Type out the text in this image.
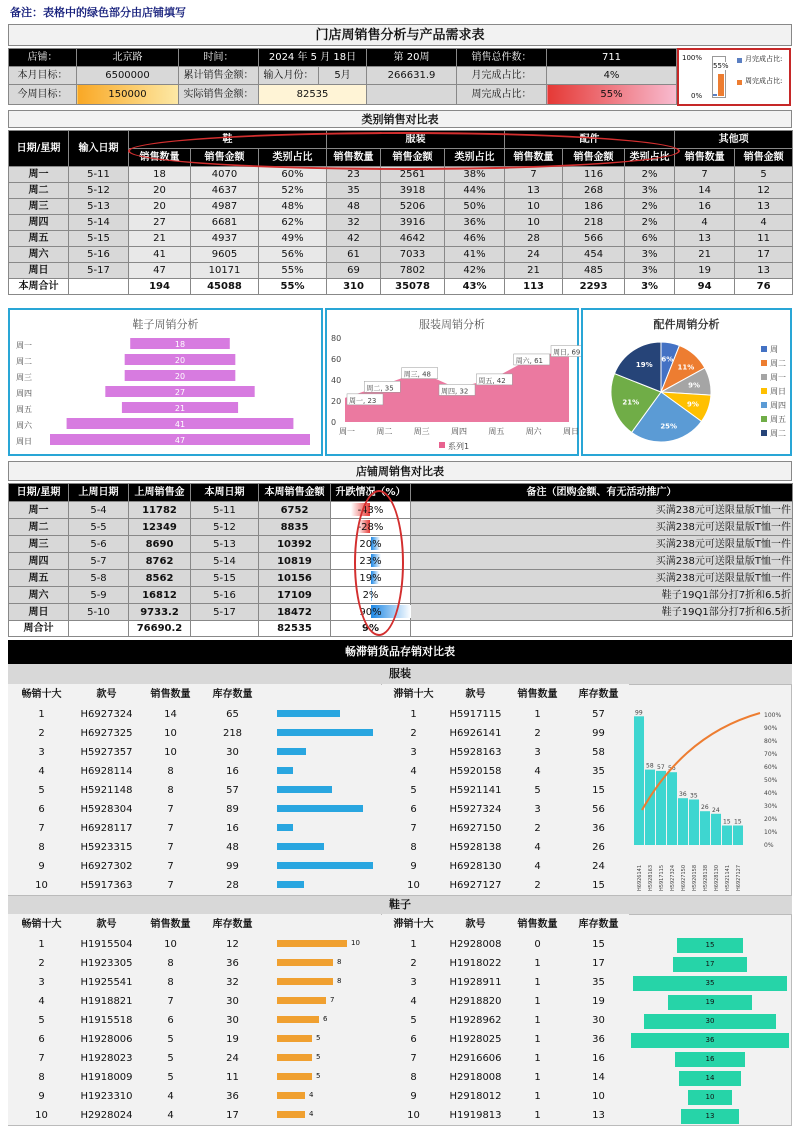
备注：表格中的绿色部分由店铺填写
门店周销售分析与产品需求表
店铺：	北京路	时间：	2024 年 5 月 18日		第 20周	销售总件数：	711
本月目标：	6500000	累计销售金额：	输入月份：	5月	266631.9	月完成占比：	4%
今周目标：	150000	实际销售金额：	82535			周完成占比：	55%
100%
0%
55%
月完成占比:
周完成占比:
类别销售对比表
日期/星期	输入日期	鞋			服装			配件			其他项	
		销售数量	销售金额	类别占比	销售数量	销售金额	类别占比	销售数量	销售金额	类别占比	销售数量	销售金额
周一	5-11	18	4070	60%	23	2561	38%	7	116	2%	7	5
周二	5-12	20	4637	52%	35	3918	44%	13	268	3%	14	12
周三	5-13	20	4987	48%	48	5206	50%	10	186	2%	16	13
周四	5-14	27	6681	62%	32	3916	36%	10	218	2%	4	4
周五	5-15	21	4937	49%	42	4642	46%	28	566	6%	13	11
周六	5-16	41	9605	56%	61	7033	41%	24	454	3%	21	17
周日	5-17	47	10171	55%	69	7802	42%	21	485	3%	19	13
本周合计		194	45088	55%	310	35078	43%	113	2293	3%	94	76
鞋子周销分析
周一	18
周二	20
周三	20
周四	27
周五	21
周六	41
周日	47
服装周销分析
0
20
40
60
80
周一, 23
周一
周二, 35
周二
周三, 48
周三
周四, 32
周四
周五, 42
周五
周六, 61
周六
周日, 69
周日
系列1
配件周销分析
6%
11%
9%
9%
25%
21%
19%
周
周二
周一
周日
周四
周五
周二
店铺周销售对比表
日期/星期	上周日期	上周销售金	本周日期	本周销售金额	升跌情况（%）	备注（团购金额、有无活动推广）
周一	5-4	11782	5-11	6752	-43%	买满238元可送限量版T恤一件
周二	5-5	12349	5-12	8835	-28%	买满238元可送限量版T恤一件
周三	5-6	8690	5-13	10392	20%	买满238元可送限量版T恤一件
周四	5-7	8762	5-14	10819	23%	买满238元可送限量版T恤一件
周五	5-8	8562	5-15	10156	19%	买满238元可送限量版T恤一件
周六	5-9	16812	5-16	17109	2%	鞋子19Q1部分打7折和6.5折
周日	5-10	9733.2	5-17	18472	90%	鞋子19Q1部分打7折和6.5折
周合计		76690.2		82535	9%	
畅滞销货品存销对比表
服装
畅销十大	款号	销售数量	库存数量	
1	H6927324	14	65	

2	H6927325	10	218	

3	H5927357	10	30	

4	H6928114	8	16	

5	H5921148	8	57	

6	H5928304	7	89	

7	H6928117	7	16	

8	H5923315	7	48	

9	H6927302	7	99	

10	H5917363	7	28	
滞销十大	款号	销售数量	库存数量
1	H5917115	1	57
2	H6926141	2	99
3	H5928163	3	58
4	H5920158	4	35
5	H5921141	5	15
6	H5927324	3	56
7	H6927150	2	36
8	H5928138	4	26
9	H6928130	4	24
10	H6927127	2	15
99
H6926141
58
H5928163
57
H5917115
56
H5927324
36
H6927150
35
H5920158
26
H5928138
24
H6928130
15
H5921141
15
H6927127
100%
90%
80%
70%
60%
50%
40%
30%
20%
10%
0%
鞋子
畅销十大	款号	销售数量	库存数量	
1	H1915504	10	12	10

2	H1923305	8	36	8

3	H1925541	8	32	8

4	H1918821	7	30	7

5	H1915518	6	30	6

6	H1928006	5	19	5

7	H1928023	5	24	5

8	H1918009	5	11	5

9	H1923310	4	36	4

10	H2928024	4	17	4
滞销十大	款号	销售数量	库存数量
1	H2928008	0	15
2	H1918022	1	17
3	H1928911	1	35
4	H2918820	1	19
5	H1928962	1	30
6	H1928025	1	36
7	H2916606	1	16
8	H2918008	1	14
9	H2918012	1	10
10	H1919813	1	13
15
17
35
19
30
36
16
14
10
13
